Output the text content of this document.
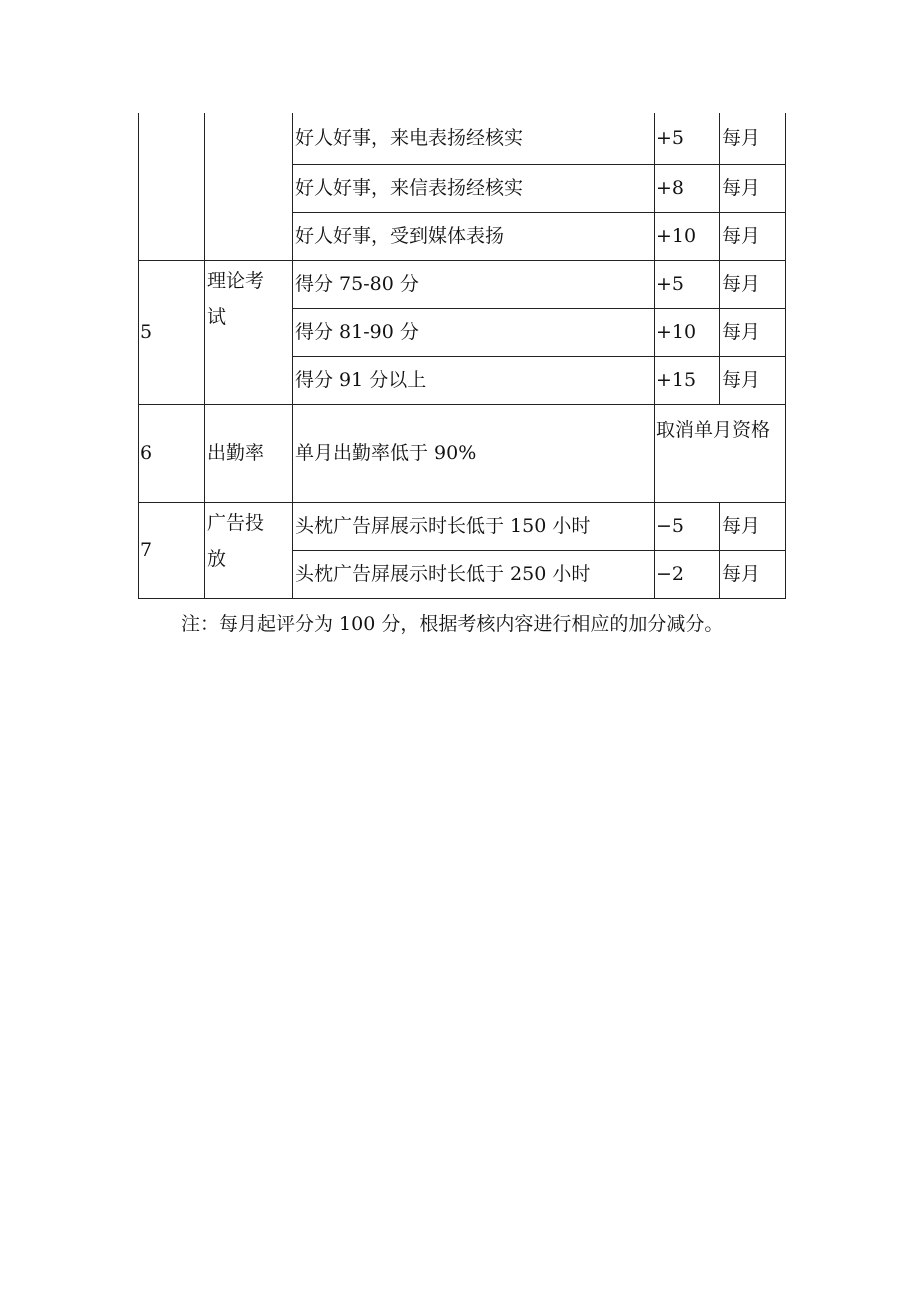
		好人好事，来电表扬经核实	+5	每月
		好人好事，来信表扬经核实	+8	每月
		好人好事，受到媒体表扬	+10	每月
5	理论考试	得分 75-80 分	+5	每月
		得分 81-90 分	+10	每月
		得分 91 分以上	+15	每月
6	出勤率	单月出勤率低于 90%	取消单月资格	

7	广告投放	头枕广告屏展示时长低于 150 小时	−5	每月
		头枕广告屏展示时长低于 250 小时	−2	每月
注：每月起评分为 100 分，根据考核内容进行相应的加分减分。
